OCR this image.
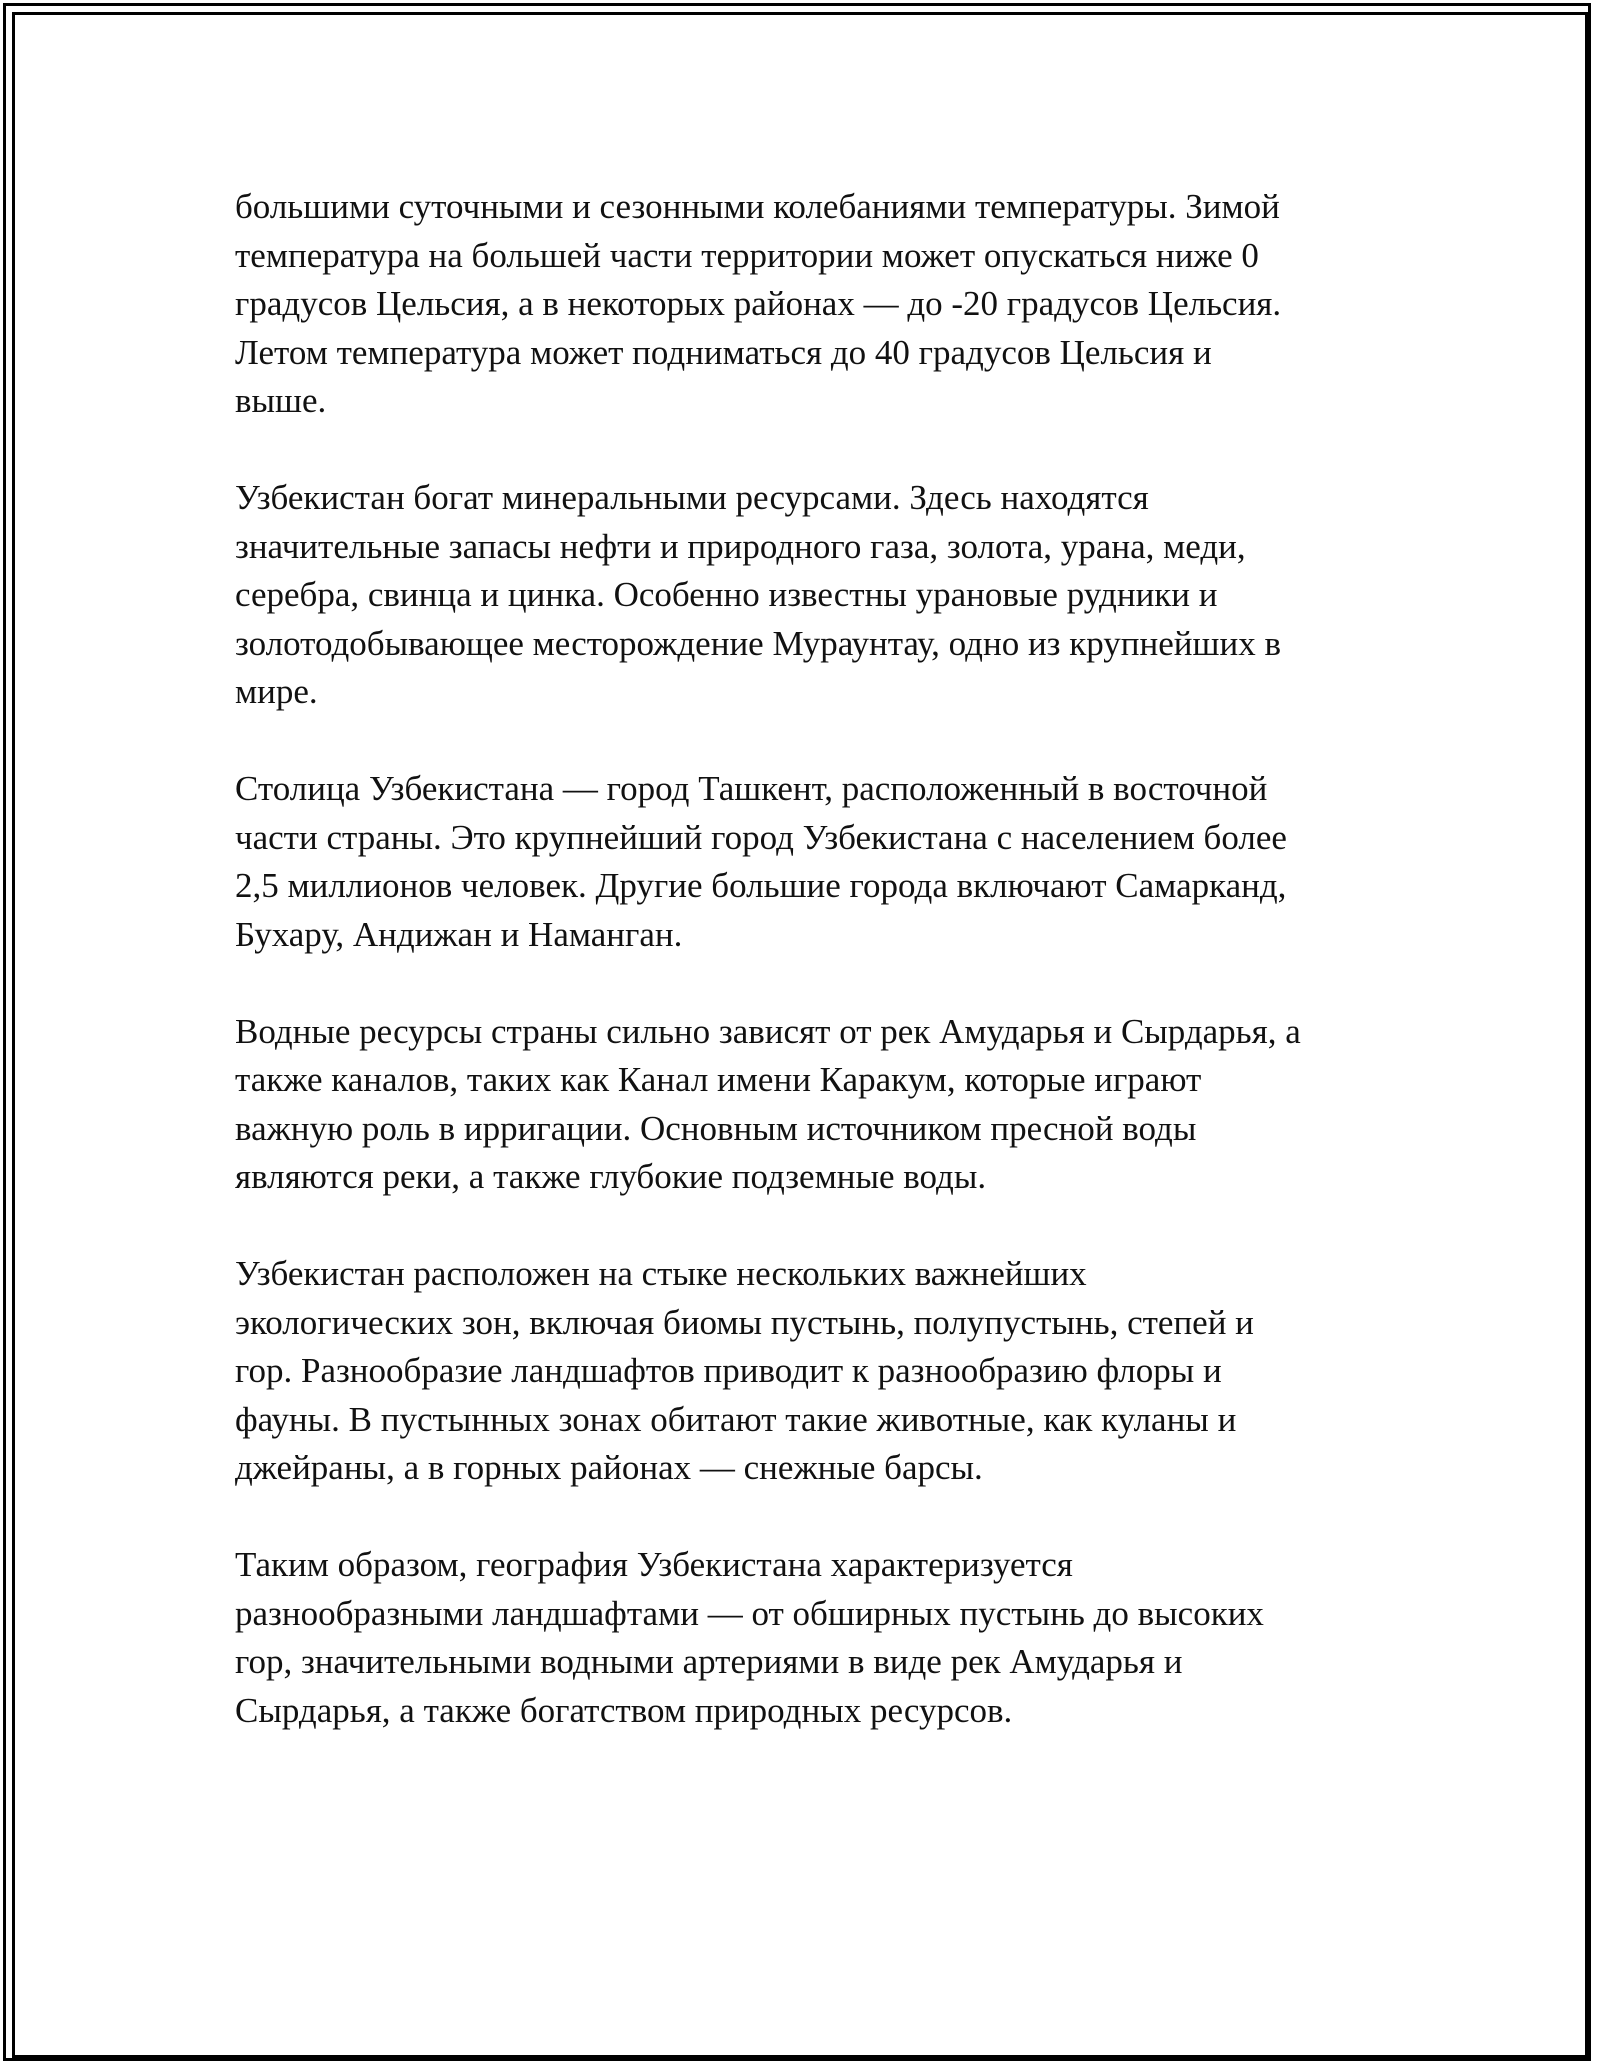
большими суточными и сезонными колебаниями температуры. Зимой
температура на большей части территории может опускаться ниже 0
градусов Цельсия, а в некоторых районах — до -20 градусов Цельсия.
Летом температура может подниматься до 40 градусов Цельсия и
выше.

Узбекистан богат минеральными ресурсами. Здесь находятся
значительные запасы нефти и природного газа, золота, урана, меди,
серебра, свинца и цинка. Особенно известны урановые рудники и
золотодобывающее месторождение Мураунтау, одно из крупнейших в
мире.

Столица Узбекистана — город Ташкент, расположенный в восточной
части страны. Это крупнейший город Узбекистана с населением более
2,5 миллионов человек. Другие большие города включают Самарканд,
Бухару, Андижан и Наманган.

Водные ресурсы страны сильно зависят от рек Амударья и Сырдарья, а
также каналов, таких как Канал имени Каракум, которые играют
важную роль в ирригации. Основным источником пресной воды
являются реки, а также глубокие подземные воды.

Узбекистан расположен на стыке нескольких важнейших
экологических зон, включая биомы пустынь, полупустынь, степей и
гор. Разнообразие ландшафтов приводит к разнообразию флоры и
фауны. В пустынных зонах обитают такие животные, как куланы и
джейраны, а в горных районах — снежные барсы.

Таким образом, география Узбекистана характеризуется
разнообразными ландшафтами — от обширных пустынь до высоких
гор, значительными водными артериями в виде рек Амударья и
Сырдарья, а также богатством природных ресурсов.
